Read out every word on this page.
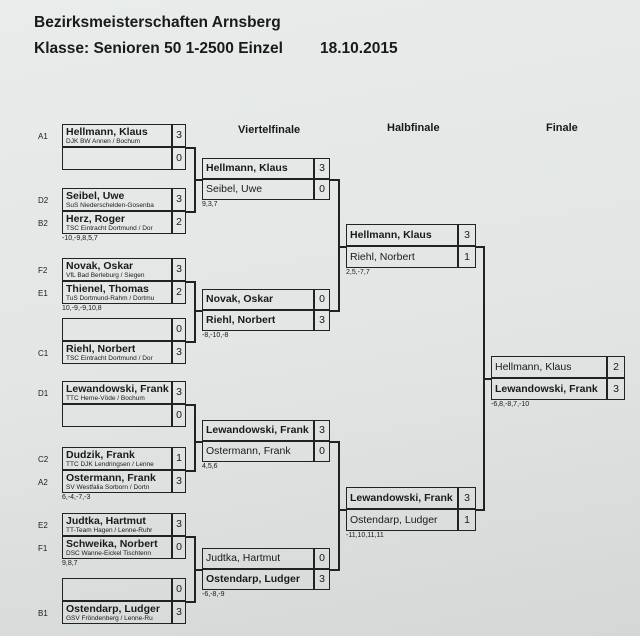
Bezirksmeisterschaften Arnsberg
Klasse: Senioren 50 1-2500 Einzel 18.10.2015
Viertelfinale	Halbfinale	Finale
A1 Hellmann, Klaus
DJK BW Annen / Bochum
3
0
D2 Seibel, Uwe
SuS Niederschelden-Gosenba
3
B2 Herz, Roger
TSC Eintracht Dortmund / Dor
2
-10,-9,8,5,7
F2 Novak, Oskar
VfL Bad Berleburg / Siegen
3
E1 Thienel, Thomas
TuS Dortmund-Rahm / Dortmu
2
10,-9,-9,10,8
0
C1 Riehl, Norbert
TSC Eintracht Dortmund / Dor
3
D1 Lewandowski, Frank
TTC Herne-Vöde / Bochum
3
0
C2 Dudzik, Frank
TTC DJK Lendringsen / Lenne
1
A2 Ostermann, Frank
SV Westfalia Sorborn / Dortn
3
6,-4,-7,-3
E2 Judtka, Hartmut
TT-Team Hagen / Lenne-Ruhr
3
F1 Schweika, Norbert
DSC Wanne-Eickel Tischtenn
0
9,8,7
0
B1 Ostendarp, Ludger
GSV Fröndenberg / Lenne-Ru
3
Hellmann, Klaus	3
Seibel, Uwe	0
9,3,7
Novak, Oskar	0
Riehl, Norbert	3
-8,-10,-8
Lewandowski, Frank 3
Ostermann, Frank	0
4,5,6
Judtka, Hartmut	0
Ostendarp, Ludger	3
-6,-8,-9
Hellmann, Klaus	3
Riehl, Norbert	1
2,5,-7,7
Lewandowski, Frank	3
Ostendarp, Ludger	1
-11,10,11,11
Hellmann, Klaus	2
Lewandowski, Frank	3
-6,8,-8,7,-10
